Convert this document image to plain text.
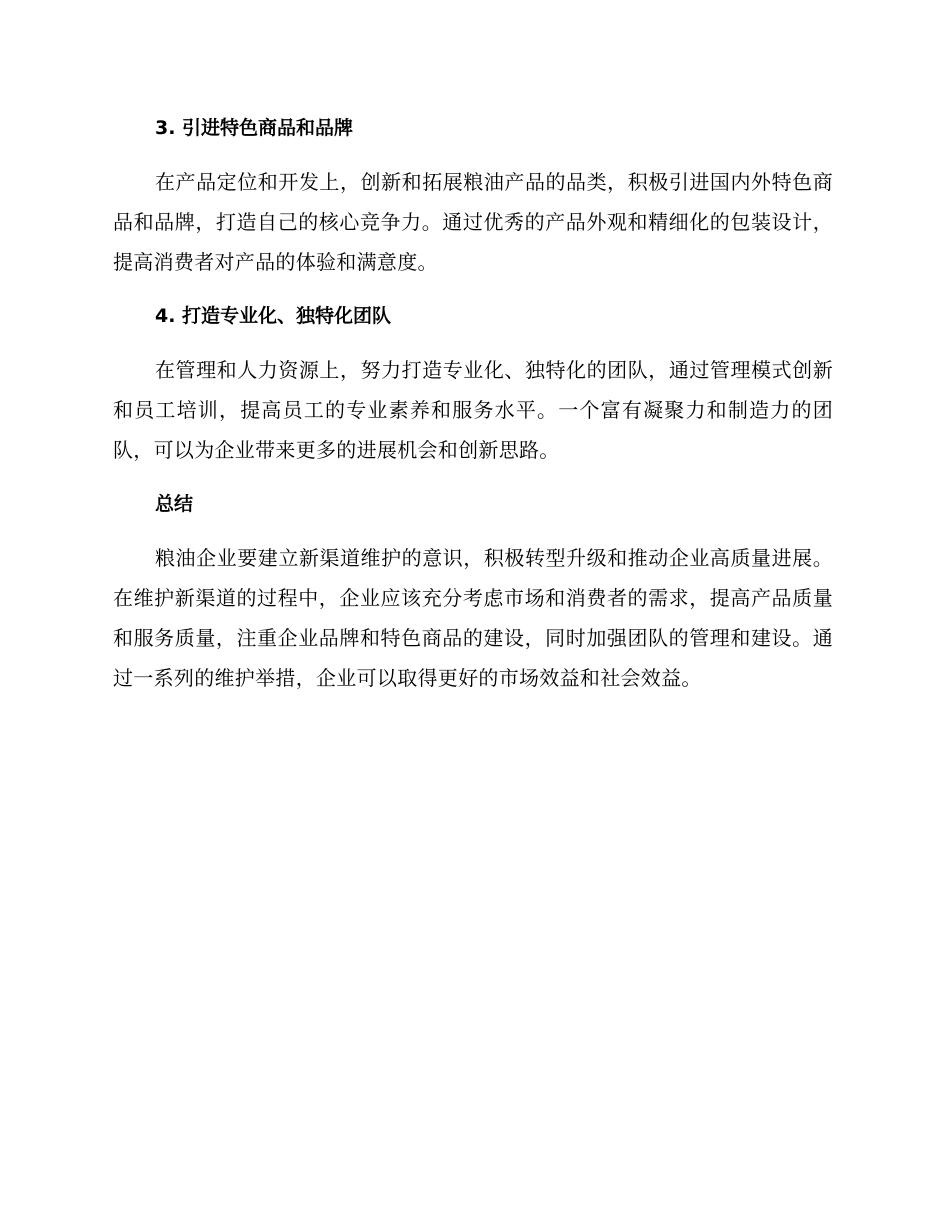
3. 引进特色商品和品牌

在产品定位和开发上，创新和拓展粮油产品的品类，积极引进国内外特色商品和品牌，打造自己的核心竞争力。通过优秀的产品外观和精细化的包装设计，提高消费者对产品的体验和满意度。

4. 打造专业化、独特化团队

在管理和人力资源上，努力打造专业化、独特化的团队，通过管理模式创新和员工培训，提高员工的专业素养和服务水平。一个富有凝聚力和制造力的团队，可以为企业带来更多的进展机会和创新思路。

总结

粮油企业要建立新渠道维护的意识，积极转型升级和推动企业高质量进展。在维护新渠道的过程中，企业应该充分考虑市场和消费者的需求，提高产品质量和服务质量，注重企业品牌和特色商品的建设，同时加强团队的管理和建设。通过一系列的维护举措，企业可以取得更好的市场效益和社会效益。
